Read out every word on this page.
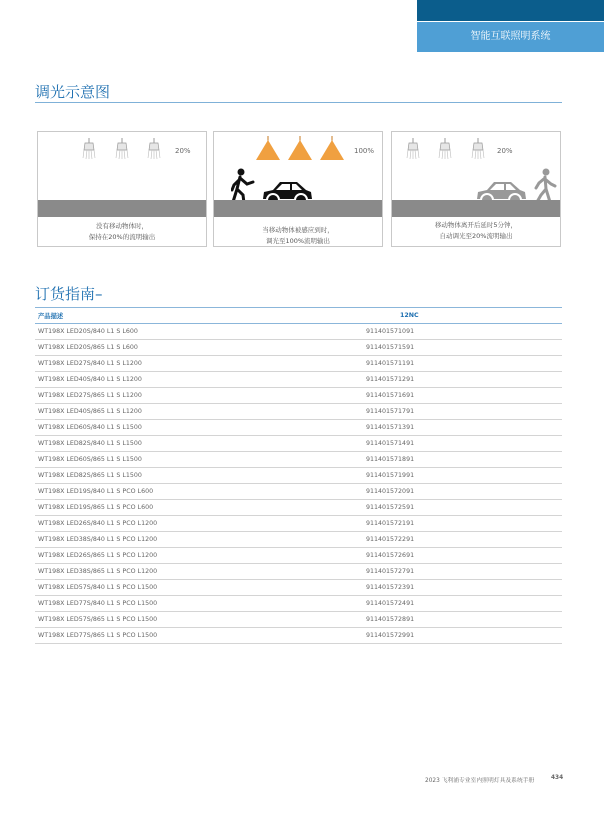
智能互联照明系统
调光示意图
20%
没有移动物体时，
保持在20%的流明输出
100%
当移动物体被感应到时，
调光至100%流明输出
20%
移动物体离开后延时5分钟，
自动调光至20%流明输出
订货指南–
产品描述	12NC
WT198X LED20S/840 L1 S L600	911401571091
WT198X LED20S/865 L1 S L600	911401571591
WT198X LED27S/840 L1 S L1200	911401571191
WT198X LED40S/840 L1 S L1200	911401571291
WT198X LED27S/865 L1 S L1200	911401571691
WT198X LED40S/865 L1 S L1200	911401571791
WT198X LED60S/840 L1 S L1500	911401571391
WT198X LED82S/840 L1 S L1500	911401571491
WT198X LED60S/865 L1 S L1500	911401571891
WT198X LED82S/865 L1 S L1500	911401571991
WT198X LED19S/840 L1 S PCO L600	911401572091
WT198X LED19S/865 L1 S PCO L600	911401572591
WT198X LED26S/840 L1 S PCO L1200	911401572191
WT198X LED38S/840 L1 S PCO L1200	911401572291
WT198X LED26S/865 L1 S PCO L1200	911401572691
WT198X LED38S/865 L1 S PCO L1200	911401572791
WT198X LED57S/840 L1 S PCO L1500	911401572391
WT198X LED77S/840 L1 S PCO L1500	911401572491
WT198X LED57S/865 L1 S PCO L1500	911401572891
WT198X LED77S/865 L1 S PCO L1500	911401572991
2023 飞利浦专业室内照明灯具及系统手册	434
